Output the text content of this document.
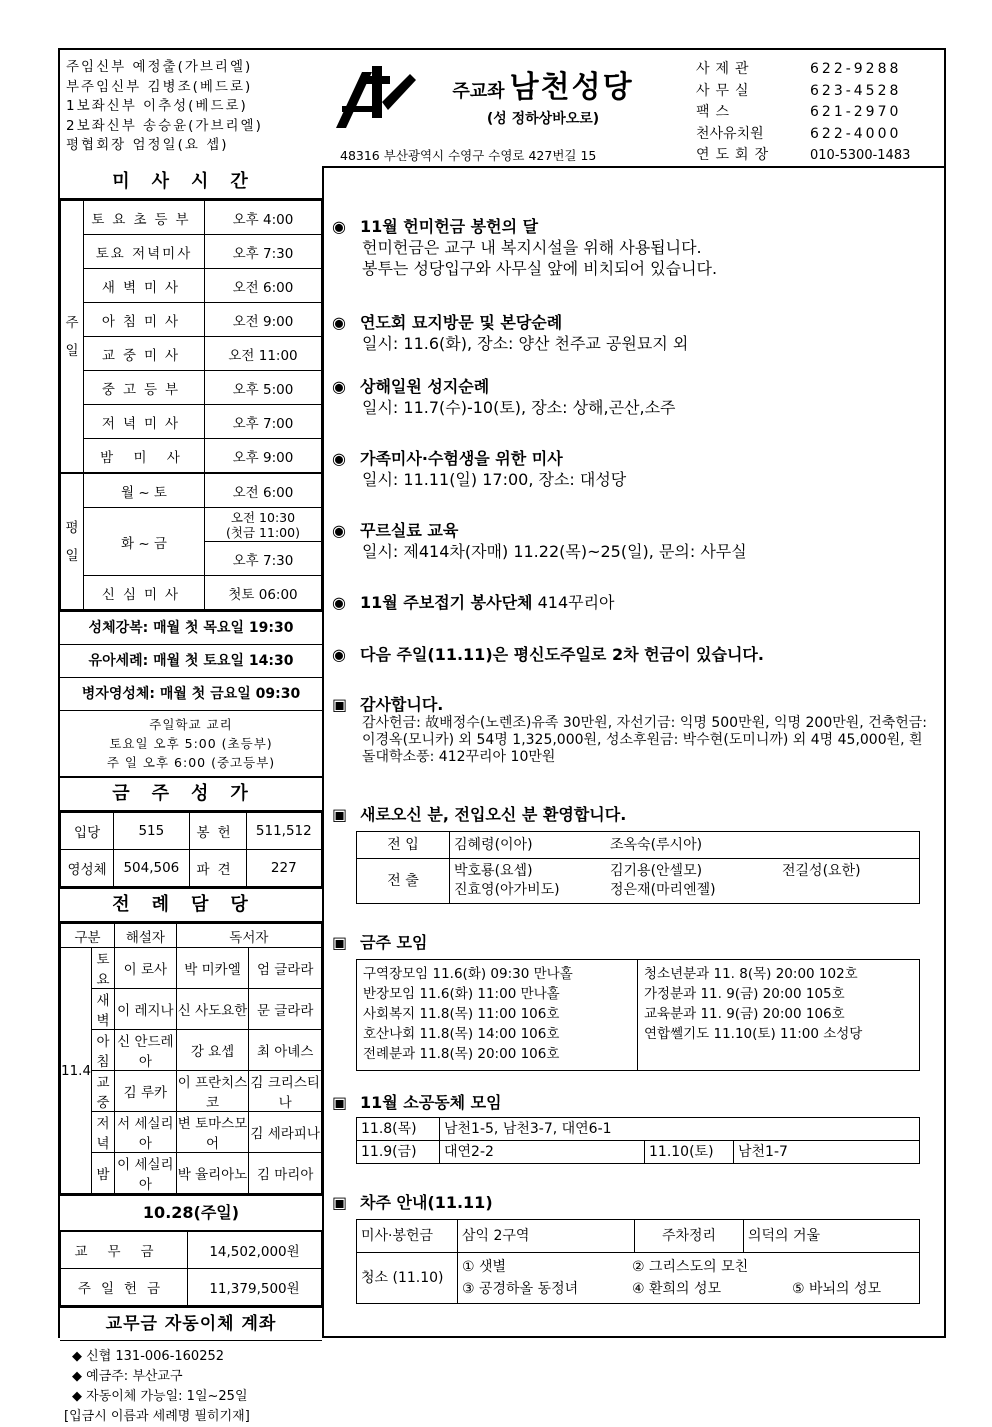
주임신부 예정출(가브리엘)
부주임신부 김병조(베드로)
1보좌신부 이추성(베드로)
2보좌신부 송승윤(가브리엘)
평협회장 엄정일(요 셉)
주교좌 남천성당
(성 정하상바오로)
48316 부산광역시 수영구 수영로 427번길 15
사제관	622-9288
사무실	623-4528
팩스	621-2970
천사유치원	622-4000
연도회장	010-5300-1483
미사시간
주일	토요초등부	오후 4:00
	토요 저녁미사	오후 7:30
	새벽미사	오전 6:00
	아침미사	오전 9:00
	교중미사	오전 11:00
	중고등부	오후 5:00
	저녁미사	오후 7:00
	밤 미 사	오후 9:00
평일	월 ~ 토	오전 6:00
	화 ~ 금	오전 10:30
(첫금 11:00)

		오후 7:30
	신심미사	첫토 06:00
성체강복: 매월 첫 목요일 19:30
유아세례: 매월 첫 토요일 14:30
병자영성체: 매월 첫 금요일 09:30
주일학교 교리
토요일 오후 5:00 (초등부)
주 일 오후 6:00 (중고등부)
금주성가
입당	515	봉헌	511,512
영성체	504,506	파견	227
전례담당
구분		해설자	독서자	
11.4	토요	이 로사	박 미카엘	엄 글라라
	새벽	이 레지나	신 사도요한	문 글라라
	아침	신 안드레아	강 요셉	최 아녜스
	교중	김 루카	이 프란치스코	김 크리스티나
	저녁	서 세실리아	변 토마스모어	김 세라피나
	밤	이 세실리아	박 율리아노	김 마리아
10.28(주일)
교무금	14,502,000원
주일헌금	11,379,500원
교무금 자동이체 계좌
◆ 신협 131-006-160252
◆ 예금주: 부산교구
◆ 자동이체 가능일: 1일~25일
[입금시 이름과 세례명 필히기재]
◉ 11월 헌미헌금 봉헌의 달
헌미헌금은 교구 내 복지시설을 위해 사용됩니다.
봉투는 성당입구와 사무실 앞에 비치되어 있습니다.
◉ 연도회 묘지방문 및 본당순례
일시: 11.6(화), 장소: 양산 천주교 공원묘지 외
◉ 상해일원 성지순례
일시: 11.7(수)-10(토), 장소: 상해,곤산,소주
◉ 가족미사·수험생을 위한 미사
일시: 11.11(일) 17:00, 장소: 대성당
◉ 꾸르실료 교육
일시: 제414차(자매) 11.22(목)~25(일), 문의: 사무실
◉ 11월 주보접기 봉사단체 414꾸리아
◉ 다음 주일(11.11)은 평신도주일로 2차 헌금이 있습니다.
▣ 감사합니다.
감사헌금: 故배정수(노렌조)유족 30만원, 자선기금: 익명 500만원, 익명 200만원, 건축헌금: 이경옥(모니카) 외 54명 1,325,000원, 성소후원금: 박수현(도미니까) 외 4명 45,000원, 흰돌대학소풍: 412꾸리아 10만원
▣ 새로오신 분, 전입오신 분 환영합니다.
전 입	김혜령(이아) 조옥숙(루시아)
전 출	박호룡(요셉) 김기용(안셀모) 전길성(요한)
진효영(아가비도) 정은재(마리엔젤)
▣ 금주 모임
구역장모임 11.6(화) 09:30 만나홀
반장모임 11.6(화) 11:00 만나홀
사회복지 11.8(목) 11:00 106호
호산나회 11.8(목) 14:00 106호
전례분과 11.8(목) 20:00 106호

청소년분과 11. 8(목) 20:00 102호
가정분과 11. 9(금) 20:00 105호
교육분과 11. 9(금) 20:00 106호
연합쎌기도 11.10(토) 11:00 소성당
▣ 11월 소공동체 모임
11.8(목)	남천1-5, 남천3-7, 대연6-1		
11.9(금)	대연2-2	11.10(토)	남천1-7
▣ 차주 안내(11.11)
미사·봉헌금	삼익 2구역	주차정리	의덕의 거울
청소 (11.10)	① 샛별 ② 그리스도의 모친
③ 공경하올 동정녀 ④ 환희의 성모 ⑤ 바뇌의 성모		
